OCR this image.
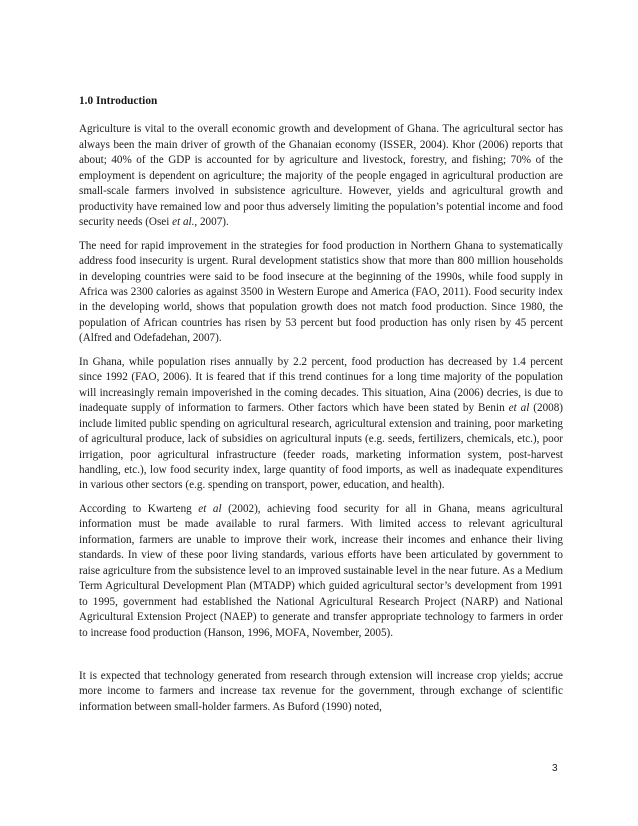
1.0 Introduction

Agriculture is vital to the overall economic growth and development of Ghana. The agricultural sector has always been the main driver of growth of the Ghanaian economy (ISSER, 2004). Khor (2006) reports that about; 40% of the GDP is accounted for by agriculture and livestock, forestry, and fishing; 70% of the employment is dependent on agriculture; the majority of the people engaged in agricultural production are small-scale farmers involved in subsistence agriculture. However, yields and agricultural growth and productivity have remained low and poor thus adversely limiting the population’s potential income and food security needs (Osei et al., 2007).

The need for rapid improvement in the strategies for food production in Northern Ghana to systematically address food insecurity is urgent. Rural development statistics show that more than 800 million households in developing countries were said to be food insecure at the beginning of the 1990s, while food supply in Africa was 2300 calories as against 3500 in Western Europe and America (FAO, 2011). Food security index in the developing world, shows that population growth does not match food production. Since 1980, the population of African countries has risen by 53 percent but food production has only risen by 45 percent (Alfred and Odefadehan, 2007).

In Ghana, while population rises annually by 2.2 percent, food production has decreased by 1.4 percent since 1992 (FAO, 2006). It is feared that if this trend continues for a long time majority of the population will increasingly remain impoverished in the coming decades. This situation, Aina (2006) decries, is due to inadequate supply of information to farmers. Other factors which have been stated by Benin et al (2008) include limited public spending on agricultural research, agricultural extension and training, poor marketing of agricultural produce, lack of subsidies on agricultural inputs (e.g. seeds, fertilizers, chemicals, etc.), poor irrigation, poor agricultural infrastructure (feeder roads, marketing information system, post-harvest handling, etc.), low food security index, large quantity of food imports, as well as inadequate expenditures in various other sectors (e.g. spending on transport, power, education, and health).

According to Kwarteng et al (2002), achieving food security for all in Ghana, means agricultural information must be made available to rural farmers. With limited access to relevant agricultural information, farmers are unable to improve their work, increase their incomes and enhance their living standards. In view of these poor living standards, various efforts have been articulated by government to raise agriculture from the subsistence level to an improved sustainable level in the near future. As a Medium Term Agricultural Development Plan (MTADP) which guided agricultural sector’s development from 1991 to 1995, government had established the National Agricultural Research Project (NARP) and National Agricultural Extension Project (NAEP) to generate and transfer appropriate technology to farmers in order to increase food production (Hanson, 1996, MOFA, November, 2005).

It is expected that technology generated from research through extension will increase crop yields; accrue more income to farmers and increase tax revenue for the government, through exchange of scientific information between small-holder farmers. As Buford (1990) noted,

3
